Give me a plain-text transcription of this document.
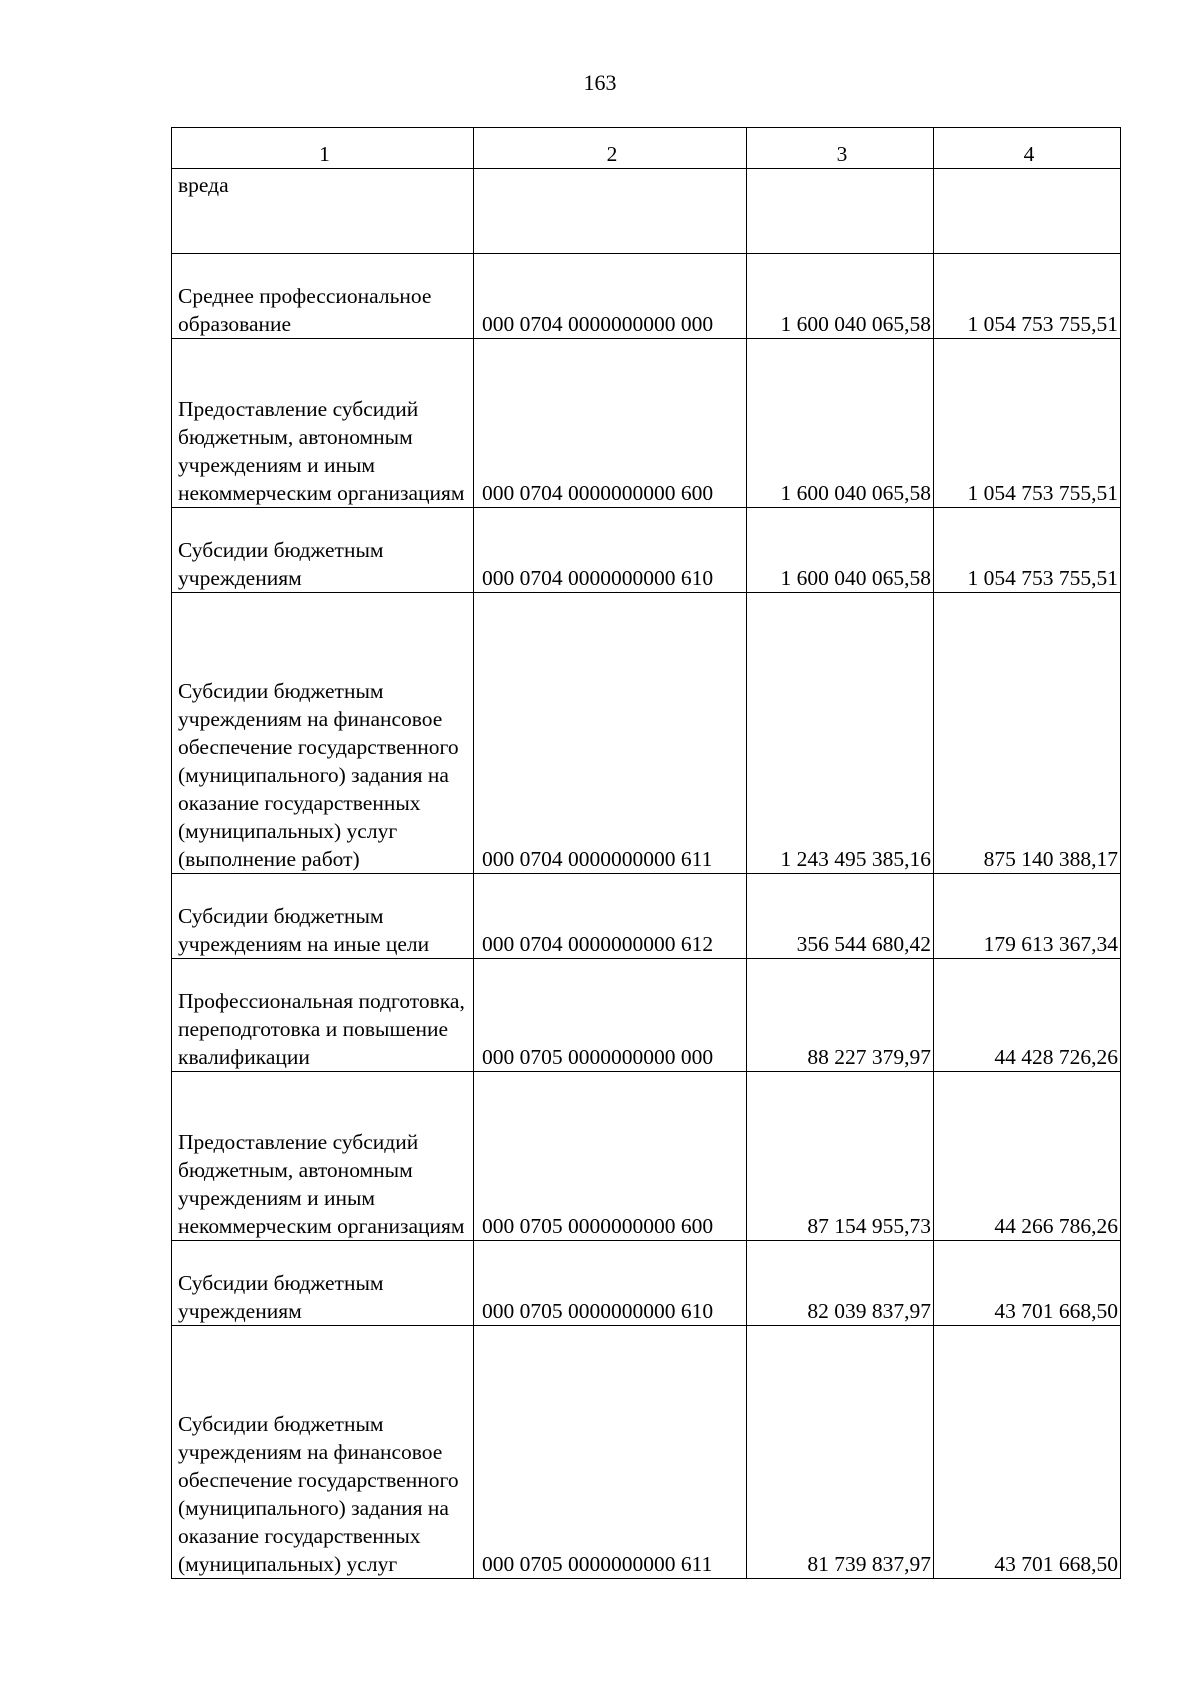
163
1	2	3	4

вреда			

Среднее профессиональное образование	000 0704 0000000000 000	1 600 040 065,58	1 054 753 755,51

Предоставление субсидий бюджетным, автономным учреждениям и иным некоммерческим организациям	000 0704 0000000000 600	1 600 040 065,58	1 054 753 755,51

Субсидии бюджетным учреждениям	000 0704 0000000000 610	1 600 040 065,58	1 054 753 755,51

Субсидии бюджетным учреждениям на финансовое обеспечение государственного (муниципального) задания на оказание государственных (муниципальных) услуг (выполнение работ)	000 0704 0000000000 611	1 243 495 385,16	875 140 388,17

Субсидии бюджетным учреждениям на иные цели	000 0704 0000000000 612	356 544 680,42	179 613 367,34

Профессиональная подготовка, переподготовка и повышение квалификации	000 0705 0000000000 000	88 227 379,97	44 428 726,26

Предоставление субсидий бюджетным, автономным учреждениям и иным некоммерческим организациям	000 0705 0000000000 600	87 154 955,73	44 266 786,26

Субсидии бюджетным учреждениям	000 0705 0000000000 610	82 039 837,97	43 701 668,50

Субсидии бюджетным учреждениям на финансовое обеспечение государственного (муниципального) задания на оказание государственных (муниципальных) услуг	000 0705 0000000000 611	81 739 837,97	43 701 668,50
